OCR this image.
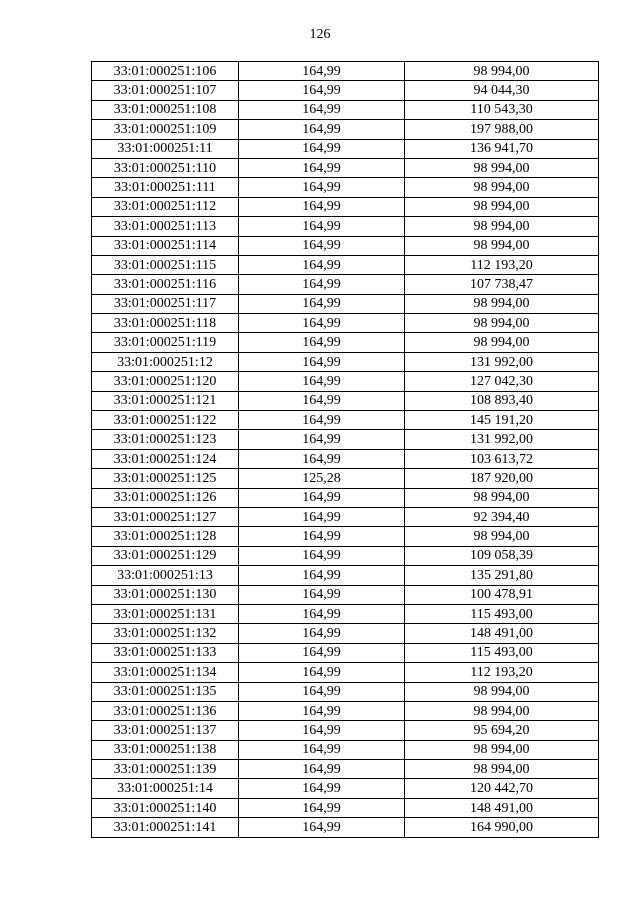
126
33:01:000251:106	164,99	98 994,00
33:01:000251:107	164,99	94 044,30
33:01:000251:108	164,99	110 543,30
33:01:000251:109	164,99	197 988,00
33:01:000251:11	164,99	136 941,70
33:01:000251:110	164,99	98 994,00
33:01:000251:111	164,99	98 994,00
33:01:000251:112	164,99	98 994,00
33:01:000251:113	164,99	98 994,00
33:01:000251:114	164,99	98 994,00
33:01:000251:115	164,99	112 193,20
33:01:000251:116	164,99	107 738,47
33:01:000251:117	164,99	98 994,00
33:01:000251:118	164,99	98 994,00
33:01:000251:119	164,99	98 994,00
33:01:000251:12	164,99	131 992,00
33:01:000251:120	164,99	127 042,30
33:01:000251:121	164,99	108 893,40
33:01:000251:122	164,99	145 191,20
33:01:000251:123	164,99	131 992,00
33:01:000251:124	164,99	103 613,72
33:01:000251:125	125,28	187 920,00
33:01:000251:126	164,99	98 994,00
33:01:000251:127	164,99	92 394,40
33:01:000251:128	164,99	98 994,00
33:01:000251:129	164,99	109 058,39
33:01:000251:13	164,99	135 291,80
33:01:000251:130	164,99	100 478,91
33:01:000251:131	164,99	115 493,00
33:01:000251:132	164,99	148 491,00
33:01:000251:133	164,99	115 493,00
33:01:000251:134	164,99	112 193,20
33:01:000251:135	164,99	98 994,00
33:01:000251:136	164,99	98 994,00
33:01:000251:137	164,99	95 694,20
33:01:000251:138	164,99	98 994,00
33:01:000251:139	164,99	98 994,00
33:01:000251:14	164,99	120 442,70
33:01:000251:140	164,99	148 491,00
33:01:000251:141	164,99	164 990,00
